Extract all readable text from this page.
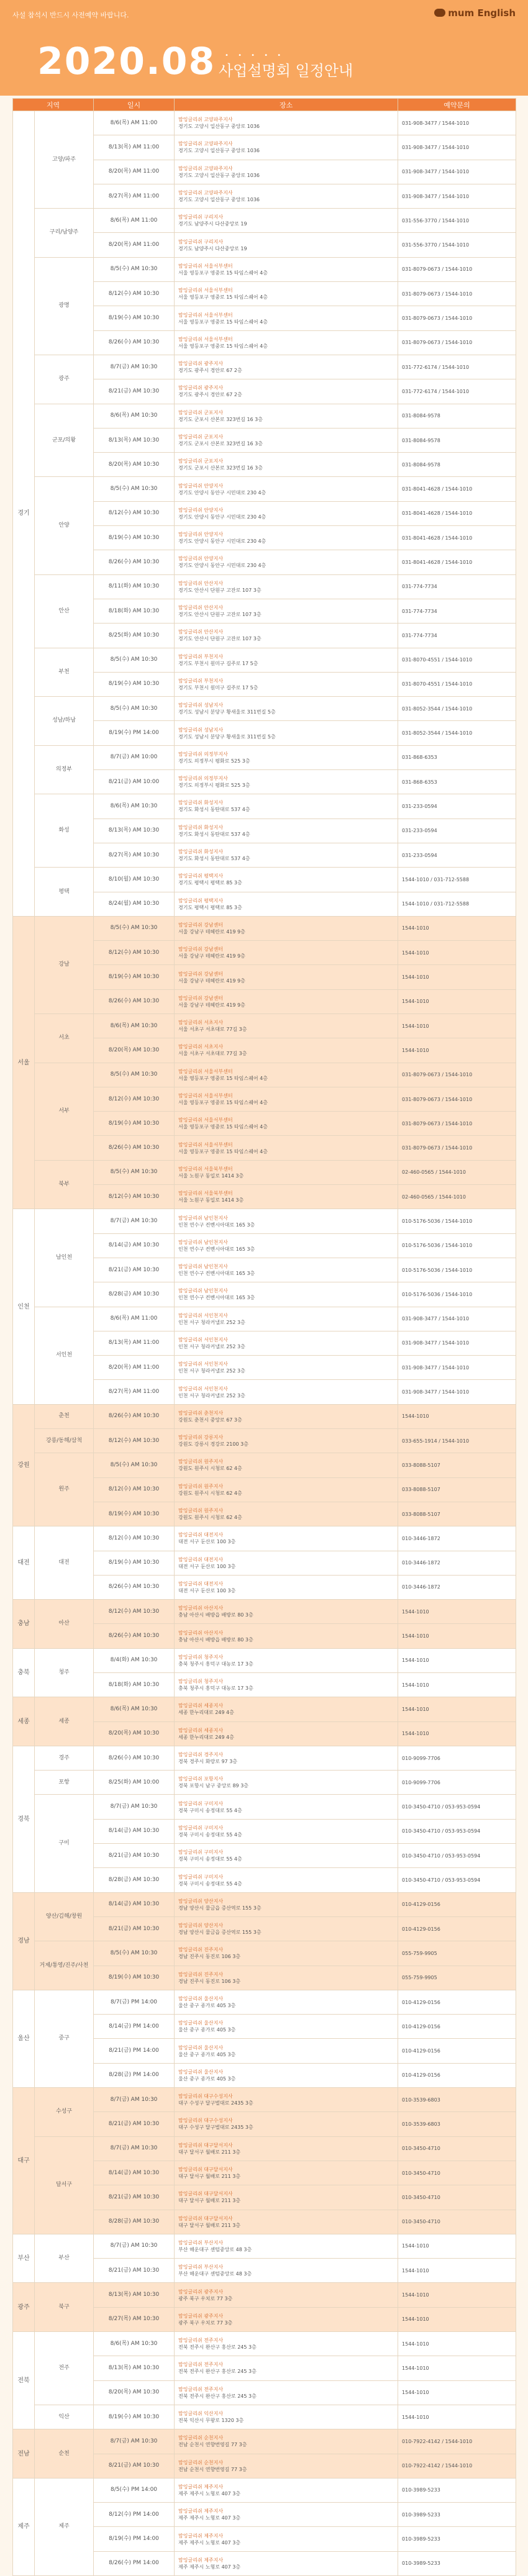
사설 참석시 반드시 사전예약 바랍니다.	mum English
2020.08 • • • • •
사업설명회 일정안내
지역		일시	장소	예약문의
경기	고양/파주	8/6(목) AM 11:00	맘잉글리쉬 고양파주지사
경기도 고양시 일산동구 중앙로 1036	031-908-3477 / 1544-1010
		8/13(목) AM 11:00	맘잉글리쉬 고양파주지사
경기도 고양시 일산동구 중앙로 1036	031-908-3477 / 1544-1010
		8/20(목) AM 11:00	맘잉글리쉬 고양파주지사
경기도 고양시 일산동구 중앙로 1036	031-908-3477 / 1544-1010
		8/27(목) AM 11:00	맘잉글리쉬 고양파주지사
경기도 고양시 일산동구 중앙로 1036	031-908-3477 / 1544-1010
	구리/남양주	8/6(목) AM 11:00	맘잉글리쉬 구리지사
경기도 남양주시 다산중앙로 19	031-556-3770 / 1544-1010
		8/20(목) AM 11:00	맘잉글리쉬 구리지사
경기도 남양주시 다산중앙로 19	031-556-3770 / 1544-1010
	광명	8/5(수) AM 10:30	맘잉글리쉬 서울서부센터
서울 영등포구 영중로 15 타임스퀘어 4층	031-8079-0673 / 1544-1010
		8/12(수) AM 10:30	맘잉글리쉬 서울서부센터
서울 영등포구 영중로 15 타임스퀘어 4층	031-8079-0673 / 1544-1010
		8/19(수) AM 10:30	맘잉글리쉬 서울서부센터
서울 영등포구 영중로 15 타임스퀘어 4층	031-8079-0673 / 1544-1010
		8/26(수) AM 10:30	맘잉글리쉬 서울서부센터
서울 영등포구 영중로 15 타임스퀘어 4층	031-8079-0673 / 1544-1010
	광주	8/7(금) AM 10:30	맘잉글리쉬 광주지사
경기도 광주시 경안로 67 2층	031-772-6174 / 1544-1010
		8/21(금) AM 10:30	맘잉글리쉬 광주지사
경기도 광주시 경안로 67 2층	031-772-6174 / 1544-1010
	군포/의왕	8/6(목) AM 10:30	맘잉글리쉬 군포지사
경기도 군포시 산본로 323번길 16 3층	031-8084-9578
		8/13(목) AM 10:30	맘잉글리쉬 군포지사
경기도 군포시 산본로 323번길 16 3층	031-8084-9578
		8/20(목) AM 10:30	맘잉글리쉬 군포지사
경기도 군포시 산본로 323번길 16 3층	031-8084-9578
	안양	8/5(수) AM 10:30	맘잉글리쉬 안양지사
경기도 안양시 동안구 시민대로 230 4층	031-8041-4628 / 1544-1010
		8/12(수) AM 10:30	맘잉글리쉬 안양지사
경기도 안양시 동안구 시민대로 230 4층	031-8041-4628 / 1544-1010
		8/19(수) AM 10:30	맘잉글리쉬 안양지사
경기도 안양시 동안구 시민대로 230 4층	031-8041-4628 / 1544-1010
		8/26(수) AM 10:30	맘잉글리쉬 안양지사
경기도 안양시 동안구 시민대로 230 4층	031-8041-4628 / 1544-1010
	안산	8/11(화) AM 10:30	맘잉글리쉬 안산지사
경기도 안산시 단원구 고잔로 107 3층	031-774-7734
		8/18(화) AM 10:30	맘잉글리쉬 안산지사
경기도 안산시 단원구 고잔로 107 3층	031-774-7734
		8/25(화) AM 10:30	맘잉글리쉬 안산지사
경기도 안산시 단원구 고잔로 107 3층	031-774-7734
	부천	8/5(수) AM 10:30	맘잉글리쉬 부천지사
경기도 부천시 원미구 길주로 17 5층	031-8070-4551 / 1544-1010
		8/19(수) AM 10:30	맘잉글리쉬 부천지사
경기도 부천시 원미구 길주로 17 5층	031-8070-4551 / 1544-1010
	성남/하남	8/5(수) AM 10:30	맘잉글리쉬 성남지사
경기도 성남시 분당구 황새울로 311번길 5층	031-8052-3544 / 1544-1010
		8/19(수) PM 14:00	맘잉글리쉬 성남지사
경기도 성남시 분당구 황새울로 311번길 5층	031-8052-3544 / 1544-1010
	의정부	8/7(금) AM 10:00	맘잉글리쉬 의정부지사
경기도 의정부시 평화로 525 3층	031-868-6353
		8/21(금) AM 10:00	맘잉글리쉬 의정부지사
경기도 의정부시 평화로 525 3층	031-868-6353
	화성	8/6(목) AM 10:30	맘잉글리쉬 화성지사
경기도 화성시 동탄대로 537 4층	031-233-0594
		8/13(목) AM 10:30	맘잉글리쉬 화성지사
경기도 화성시 동탄대로 537 4층	031-233-0594
		8/27(목) AM 10:30	맘잉글리쉬 화성지사
경기도 화성시 동탄대로 537 4층	031-233-0594
	평택	8/10(월) AM 10:30	맘잉글리쉬 평택지사
경기도 평택시 평택로 85 3층	1544-1010 / 031-712-5588
		8/24(월) AM 10:30	맘잉글리쉬 평택지사
경기도 평택시 평택로 85 3층	1544-1010 / 031-712-5588
서울	강남	8/5(수) AM 10:30	맘잉글리쉬 강남센터
서울 강남구 테헤란로 419 9층	1544-1010
		8/12(수) AM 10:30	맘잉글리쉬 강남센터
서울 강남구 테헤란로 419 9층	1544-1010
		8/19(수) AM 10:30	맘잉글리쉬 강남센터
서울 강남구 테헤란로 419 9층	1544-1010
		8/26(수) AM 10:30	맘잉글리쉬 강남센터
서울 강남구 테헤란로 419 9층	1544-1010
	서초	8/6(목) AM 10:30	맘잉글리쉬 서초지사
서울 서초구 서초대로 77길 3층	1544-1010
		8/20(목) AM 10:30	맘잉글리쉬 서초지사
서울 서초구 서초대로 77길 3층	1544-1010
	서부	8/5(수) AM 10:30	맘잉글리쉬 서울서부센터
서울 영등포구 영중로 15 타임스퀘어 4층	031-8079-0673 / 1544-1010
		8/12(수) AM 10:30	맘잉글리쉬 서울서부센터
서울 영등포구 영중로 15 타임스퀘어 4층	031-8079-0673 / 1544-1010
		8/19(수) AM 10:30	맘잉글리쉬 서울서부센터
서울 영등포구 영중로 15 타임스퀘어 4층	031-8079-0673 / 1544-1010
		8/26(수) AM 10:30	맘잉글리쉬 서울서부센터
서울 영등포구 영중로 15 타임스퀘어 4층	031-8079-0673 / 1544-1010
	북부	8/5(수) AM 10:30	맘잉글리쉬 서울북부센터
서울 노원구 동일로 1414 3층	02-460-0565 / 1544-1010
		8/12(수) AM 10:30	맘잉글리쉬 서울북부센터
서울 노원구 동일로 1414 3층	02-460-0565 / 1544-1010
인천	남인천	8/7(금) AM 10:30	맘잉글리쉬 남인천지사
인천 연수구 컨벤시아대로 165 3층	010-5176-5036 / 1544-1010
		8/14(금) AM 10:30	맘잉글리쉬 남인천지사
인천 연수구 컨벤시아대로 165 3층	010-5176-5036 / 1544-1010
		8/21(금) AM 10:30	맘잉글리쉬 남인천지사
인천 연수구 컨벤시아대로 165 3층	010-5176-5036 / 1544-1010
		8/28(금) AM 10:30	맘잉글리쉬 남인천지사
인천 연수구 컨벤시아대로 165 3층	010-5176-5036 / 1544-1010
	서인천	8/6(목) AM 11:00	맘잉글리쉬 서인천지사
인천 서구 청라커낼로 252 3층	031-908-3477 / 1544-1010
		8/13(목) AM 11:00	맘잉글리쉬 서인천지사
인천 서구 청라커낼로 252 3층	031-908-3477 / 1544-1010
		8/20(목) AM 11:00	맘잉글리쉬 서인천지사
인천 서구 청라커낼로 252 3층	031-908-3477 / 1544-1010
		8/27(목) AM 11:00	맘잉글리쉬 서인천지사
인천 서구 청라커낼로 252 3층	031-908-3477 / 1544-1010
강원	춘천	8/26(수) AM 10:30	맘잉글리쉬 춘천지사
강원도 춘천시 중앙로 67 3층	1544-1010
	강릉/동해/삼척	8/12(수) AM 10:30	맘잉글리쉬 강릉지사
강원도 강릉시 경강로 2100 3층	033-655-1914 / 1544-1010
	원주	8/5(수) AM 10:30	맘잉글리쉬 원주지사
강원도 원주시 시청로 62 4층	033-8088-5107
		8/12(수) AM 10:30	맘잉글리쉬 원주지사
강원도 원주시 시청로 62 4층	033-8088-5107
		8/19(수) AM 10:30	맘잉글리쉬 원주지사
강원도 원주시 시청로 62 4층	033-8088-5107
대전	대전	8/12(수) AM 10:30	맘잉글리쉬 대전지사
대전 서구 둔산로 100 3층	010-3446-1872
		8/19(수) AM 10:30	맘잉글리쉬 대전지사
대전 서구 둔산로 100 3층	010-3446-1872
		8/26(수) AM 10:30	맘잉글리쉬 대전지사
대전 서구 둔산로 100 3층	010-3446-1872
충남	아산	8/12(수) AM 10:30	맘잉글리쉬 아산지사
충남 아산시 배방읍 배방로 80 3층	1544-1010
		8/26(수) AM 10:30	맘잉글리쉬 아산지사
충남 아산시 배방읍 배방로 80 3층	1544-1010
충북	청주	8/4(화) AM 10:30	맘잉글리쉬 청주지사
충북 청주시 흥덕구 대농로 17 3층	1544-1010
		8/18(화) AM 10:30	맘잉글리쉬 청주지사
충북 청주시 흥덕구 대농로 17 3층	1544-1010
세종	세종	8/6(목) AM 10:30	맘잉글리쉬 세종지사
세종 한누리대로 249 4층	1544-1010
		8/20(목) AM 10:30	맘잉글리쉬 세종지사
세종 한누리대로 249 4층	1544-1010
경북	경주	8/26(수) AM 10:30	맘잉글리쉬 경주지사
경북 경주시 화랑로 97 3층	010-9099-7706
	포항	8/25(화) AM 10:00	맘잉글리쉬 포항지사
경북 포항시 남구 중앙로 89 3층	010-9099-7706
	구미	8/7(금) AM 10:30	맘잉글리쉬 구미지사
경북 구미시 송정대로 55 4층	010-3450-4710 / 053-953-0594
		8/14(금) AM 10:30	맘잉글리쉬 구미지사
경북 구미시 송정대로 55 4층	010-3450-4710 / 053-953-0594
		8/21(금) AM 10:30	맘잉글리쉬 구미지사
경북 구미시 송정대로 55 4층	010-3450-4710 / 053-953-0594
		8/28(금) AM 10:30	맘잉글리쉬 구미지사
경북 구미시 송정대로 55 4층	010-3450-4710 / 053-953-0594
경남	양산/김해/창원	8/14(금) AM 10:30	맘잉글리쉬 양산지사
경남 양산시 물금읍 증산역로 155 3층	010-4129-0156
		8/21(금) AM 10:30	맘잉글리쉬 양산지사
경남 양산시 물금읍 증산역로 155 3층	010-4129-0156
	거제/통영/진주/사천	8/5(수) AM 10:30	맘잉글리쉬 진주지사
경남 진주시 동진로 106 3층	055-759-9905
		8/19(수) AM 10:30	맘잉글리쉬 진주지사
경남 진주시 동진로 106 3층	055-759-9905
울산	중구	8/7(금) PM 14:00	맘잉글리쉬 울산지사
울산 중구 종가로 405 3층	010-4129-0156
		8/14(금) PM 14:00	맘잉글리쉬 울산지사
울산 중구 종가로 405 3층	010-4129-0156
		8/21(금) PM 14:00	맘잉글리쉬 울산지사
울산 중구 종가로 405 3층	010-4129-0156
		8/28(금) PM 14:00	맘잉글리쉬 울산지사
울산 중구 종가로 405 3층	010-4129-0156
대구	수성구	8/7(금) AM 10:30	맘잉글리쉬 대구수성지사
대구 수성구 달구벌대로 2435 3층	010-3539-6803
		8/21(금) AM 10:30	맘잉글리쉬 대구수성지사
대구 수성구 달구벌대로 2435 3층	010-3539-6803
	달서구	8/7(금) AM 10:30	맘잉글리쉬 대구달서지사
대구 달서구 월배로 211 3층	010-3450-4710
		8/14(금) AM 10:30	맘잉글리쉬 대구달서지사
대구 달서구 월배로 211 3층	010-3450-4710
		8/21(금) AM 10:30	맘잉글리쉬 대구달서지사
대구 달서구 월배로 211 3층	010-3450-4710
		8/28(금) AM 10:30	맘잉글리쉬 대구달서지사
대구 달서구 월배로 211 3층	010-3450-4710
부산	부산	8/7(금) AM 10:30	맘잉글리쉬 부산지사
부산 해운대구 센텀중앙로 48 3층	1544-1010
		8/21(금) AM 10:30	맘잉글리쉬 부산지사
부산 해운대구 센텀중앙로 48 3층	1544-1010
광주	북구	8/13(목) AM 10:30	맘잉글리쉬 광주지사
광주 북구 우치로 77 3층	1544-1010
		8/27(목) AM 10:30	맘잉글리쉬 광주지사
광주 북구 우치로 77 3층	1544-1010
전북	전주	8/6(목) AM 10:30	맘잉글리쉬 전주지사
전북 전주시 완산구 홍산로 245 3층	1544-1010
		8/13(목) AM 10:30	맘잉글리쉬 전주지사
전북 전주시 완산구 홍산로 245 3층	1544-1010
		8/20(목) AM 10:30	맘잉글리쉬 전주지사
전북 전주시 완산구 홍산로 245 3층	1544-1010
	익산	8/19(수) AM 10:30	맘잉글리쉬 익산지사
전북 익산시 무왕로 1320 3층	1544-1010
전남	순천	8/7(금) AM 10:30	맘잉글리쉬 순천지사
전남 순천시 연향번영길 77 3층	010-7922-4142 / 1544-1010
		8/21(금) AM 10:30	맘잉글리쉬 순천지사
전남 순천시 연향번영길 77 3층	010-7922-4142 / 1544-1010
제주	제주	8/5(수) PM 14:00	맘잉글리쉬 제주지사
제주 제주시 노형로 407 3층	010-3989-5233
		8/12(수) PM 14:00	맘잉글리쉬 제주지사
제주 제주시 노형로 407 3층	010-3989-5233
		8/19(수) PM 14:00	맘잉글리쉬 제주지사
제주 제주시 노형로 407 3층	010-3989-5233
		8/26(수) PM 14:00	맘잉글리쉬 제주지사
제주 제주시 노형로 407 3층	010-3989-5233
